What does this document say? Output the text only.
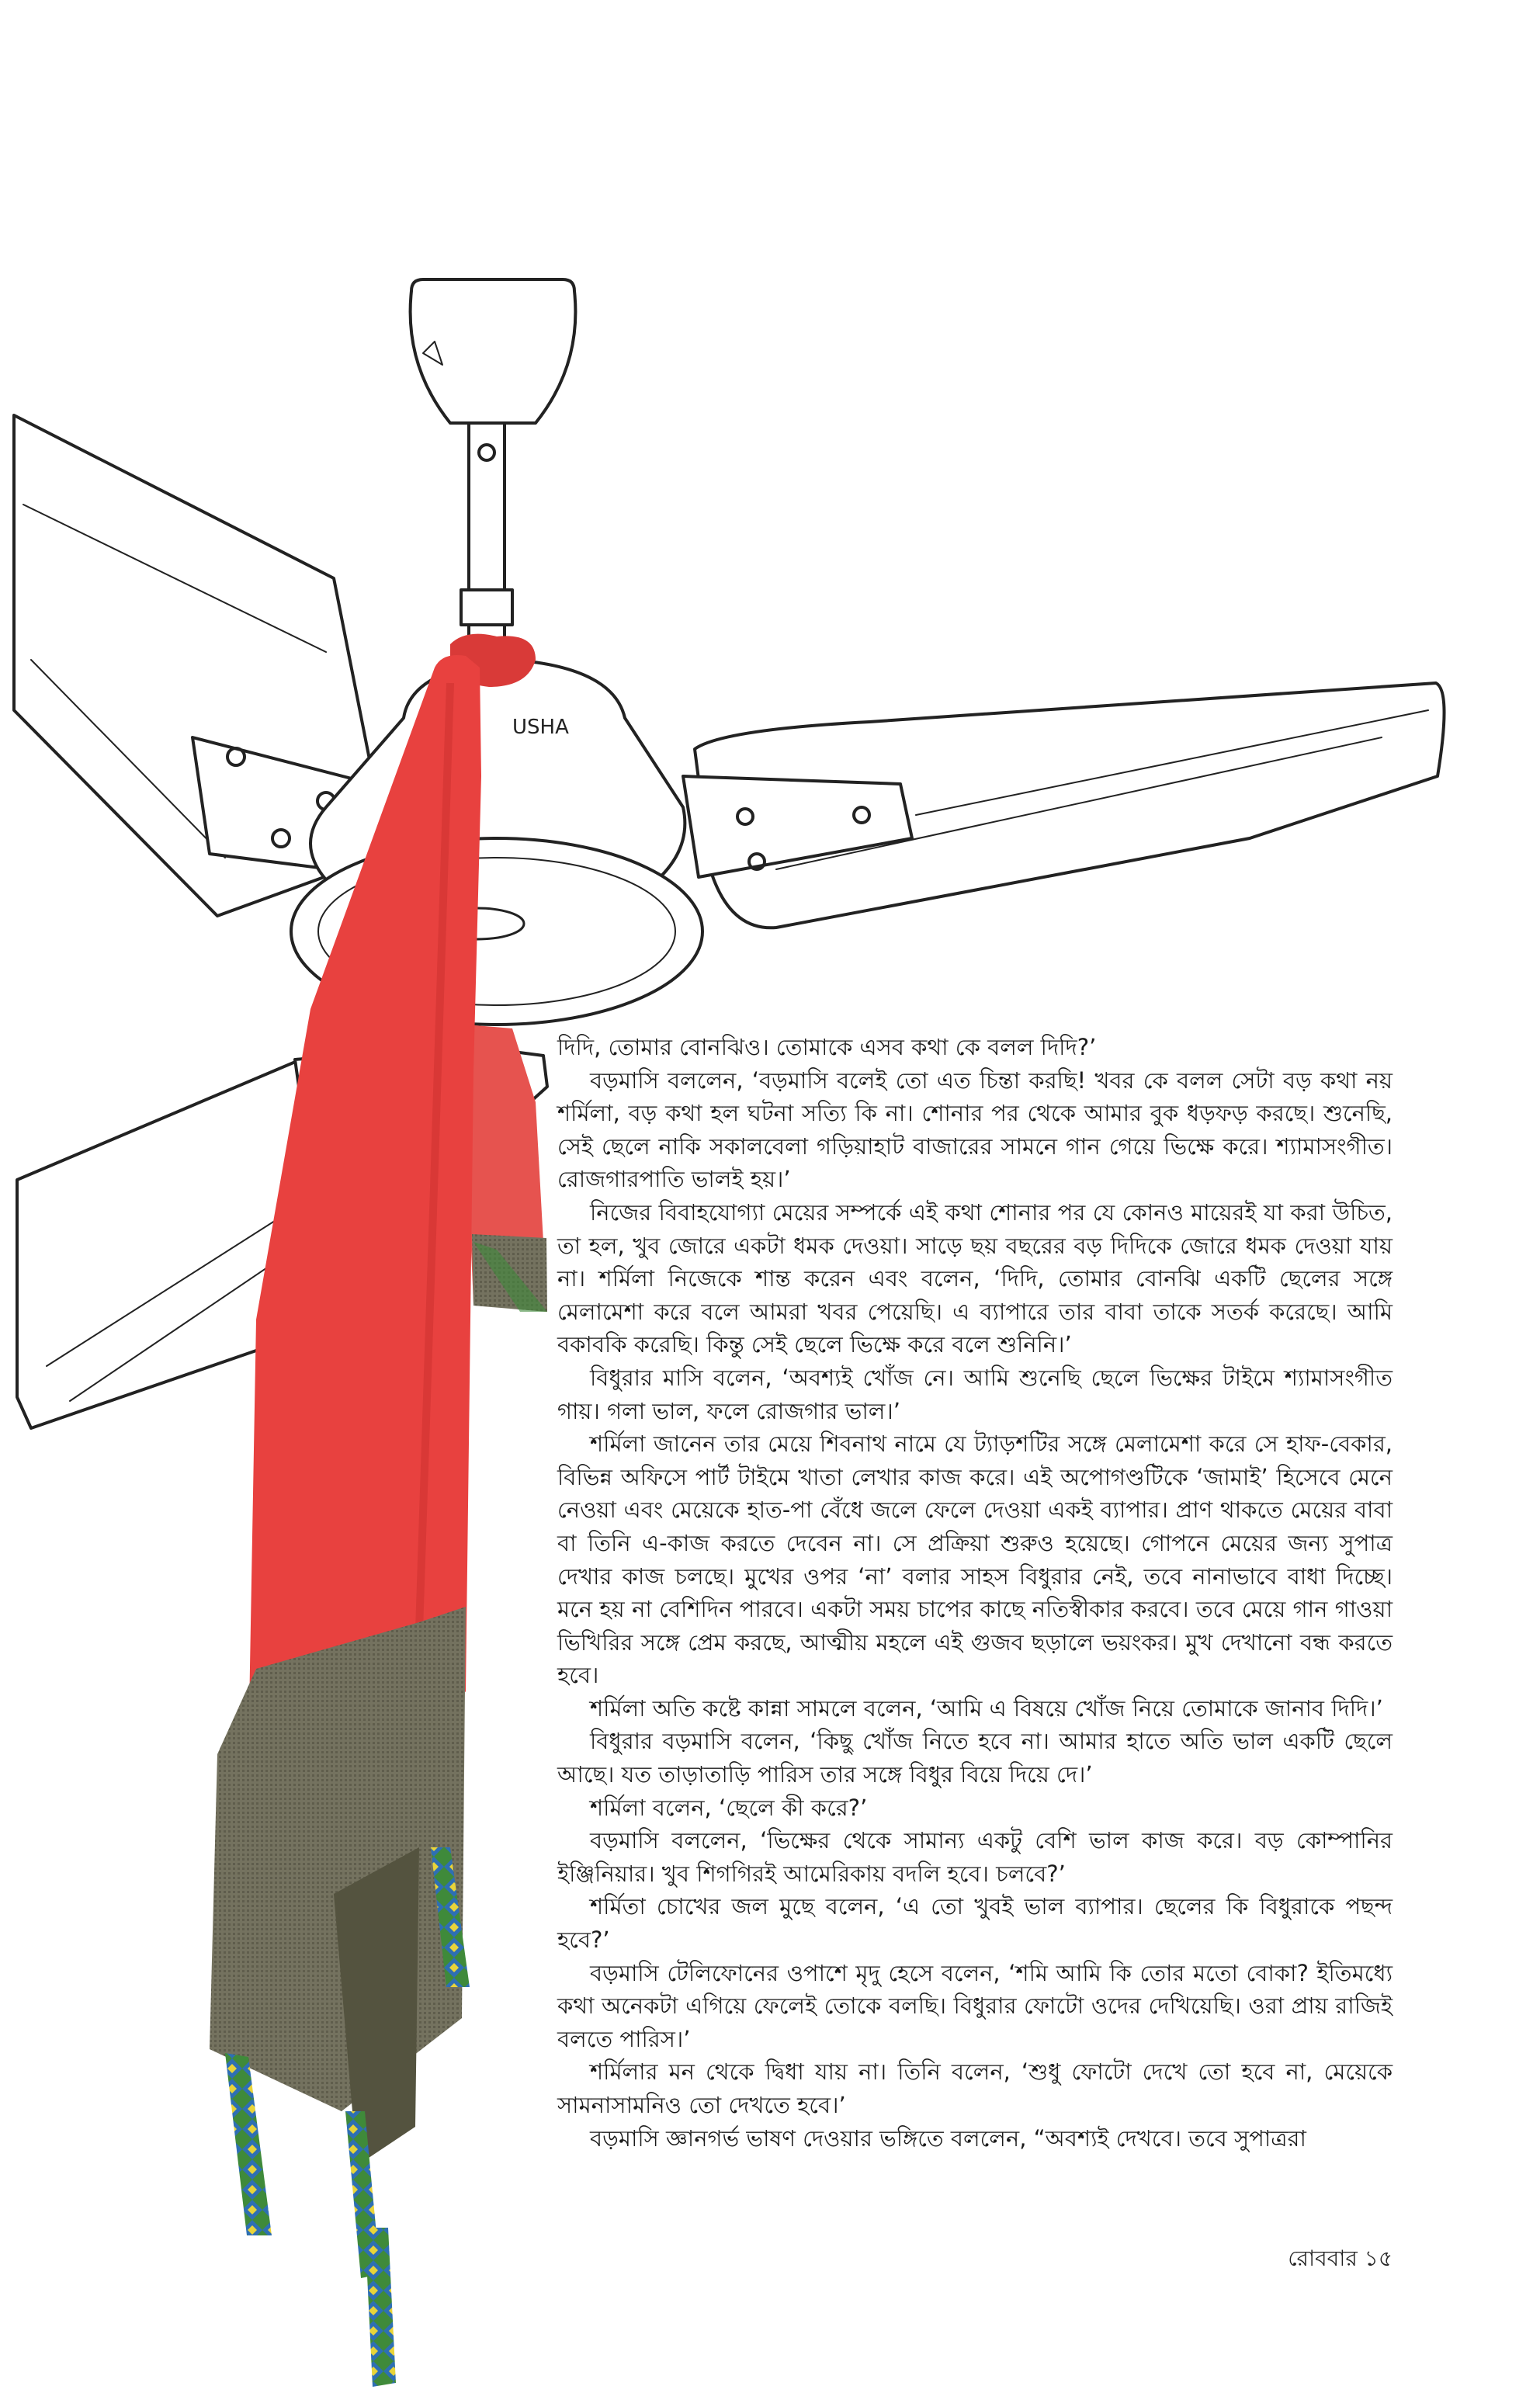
USHA

দিদি, তোমার বোনঝিও। তোমাকে এসব কথা কে বলল দিদি?’

বড়মাসি বললেন, ‘বড়মাসি বলেই তো এত চিন্তা করছি! খবর কে বলল সেটা বড় কথা নয় শর্মিলা, বড় কথা হল ঘটনা সত্যি কি না। শোনার পর থেকে আমার বুক ধড়ফড় করছে। শুনেছি, সেই ছেলে নাকি সকালবেলা গড়িয়াহাট বাজারের সামনে গান গেয়ে ভিক্ষে করে। শ্যামাসংগীত। রোজগারপাতি ভালই হয়।’

নিজের বিবাহযোগ্যা মেয়ের সম্পর্কে এই কথা শোনার পর যে কোনও মায়েরই যা করা উচিত, তা হল, খুব জোরে একটা ধমক দেওয়া। সাড়ে ছয় বছরের বড় দিদিকে জোরে ধমক দেওয়া যায় না। শর্মিলা নিজেকে শান্ত করেন এবং বলেন, ‘দিদি, তোমার বোনঝি একটি ছেলের সঙ্গে মেলামেশা করে বলে আমরা খবর পেয়েছি। এ ব্যাপারে তার বাবা তাকে সতর্ক করেছে। আমি বকাবকি করেছি। কিন্তু সেই ছেলে ভিক্ষে করে বলে শুনিনি।’

বিধুরার মাসি বলেন, ‘অবশ্যই খোঁজ নে। আমি শুনেছি ছেলে ভিক্ষের টাইমে শ্যামাসংগীত গায়। গলা ভাল, ফলে রোজগার ভাল।’

শর্মিলা জানেন তার মেয়ে শিবনাথ নামে যে ট্যাড়শটির সঙ্গে মেলামেশা করে সে হাফ-বেকার, বিভিন্ন অফিসে পার্ট টাইমে খাতা লেখার কাজ করে। এই অপোগণ্ডটিকে ‘জামাই’ হিসেবে মেনে নেওয়া এবং মেয়েকে হাত-পা বেঁধে জলে ফেলে দেওয়া একই ব্যাপার। প্রাণ থাকতে মেয়ের বাবা বা তিনি এ-কাজ করতে দেবেন না। সে প্রক্রিয়া শুরুও হয়েছে। গোপনে মেয়ের জন্য সুপাত্র দেখার কাজ চলছে। মুখের ওপর ‘না’ বলার সাহস বিধুরার নেই, তবে নানাভাবে বাধা দিচ্ছে। মনে হয় না বেশিদিন পারবে। একটা সময় চাপের কাছে নতিস্বীকার করবে। তবে মেয়ে গান গাওয়া ভিখিরির সঙ্গে প্রেম করছে, আত্মীয় মহলে এই গুজব ছড়ালে ভয়ংকর। মুখ দেখানো বন্ধ করতে হবে।

শর্মিলা অতি কষ্টে কান্না সামলে বলেন, ‘আমি এ বিষয়ে খোঁজ নিয়ে তোমাকে জানাব দিদি।’

বিধুরার বড়মাসি বলেন, ‘কিছু খোঁজ নিতে হবে না। আমার হাতে অতি ভাল একটি ছেলে আছে। যত তাড়াতাড়ি পারিস তার সঙ্গে বিধুর বিয়ে দিয়ে দে।’

শর্মিলা বলেন, ‘ছেলে কী করে?’

বড়মাসি বললেন, ‘ভিক্ষের থেকে সামান্য একটু বেশি ভাল কাজ করে। বড় কোম্পানির ইঞ্জিনিয়ার। খুব শিগগিরই আমেরিকায় বদলি হবে। চলবে?’

শর্মিতা চোখের জল মুছে বলেন, ‘এ তো খুবই ভাল ব্যাপার। ছেলের কি বিধুরাকে পছন্দ হবে?’

বড়মাসি টেলিফোনের ওপাশে মৃদু হেসে বলেন, ‘শমি আমি কি তোর মতো বোকা? ইতিমধ্যে কথা অনেকটা এগিয়ে ফেলেই তোকে বলছি। বিধুরার ফোটো ওদের দেখিয়েছি। ওরা প্রায় রাজিই বলতে পারিস।’

শর্মিলার মন থেকে দ্বিধা যায় না। তিনি বলেন, ‘শুধু ফোটো দেখে তো হবে না, মেয়েকে সামনাসামনিও তো দেখতে হবে।’

বড়মাসি জ্ঞানগর্ভ ভাষণ দেওয়ার ভঙ্গিতে বললেন, “অবশ্যই দেখবে। তবে সুপাত্ররা

রোববার ১৫
